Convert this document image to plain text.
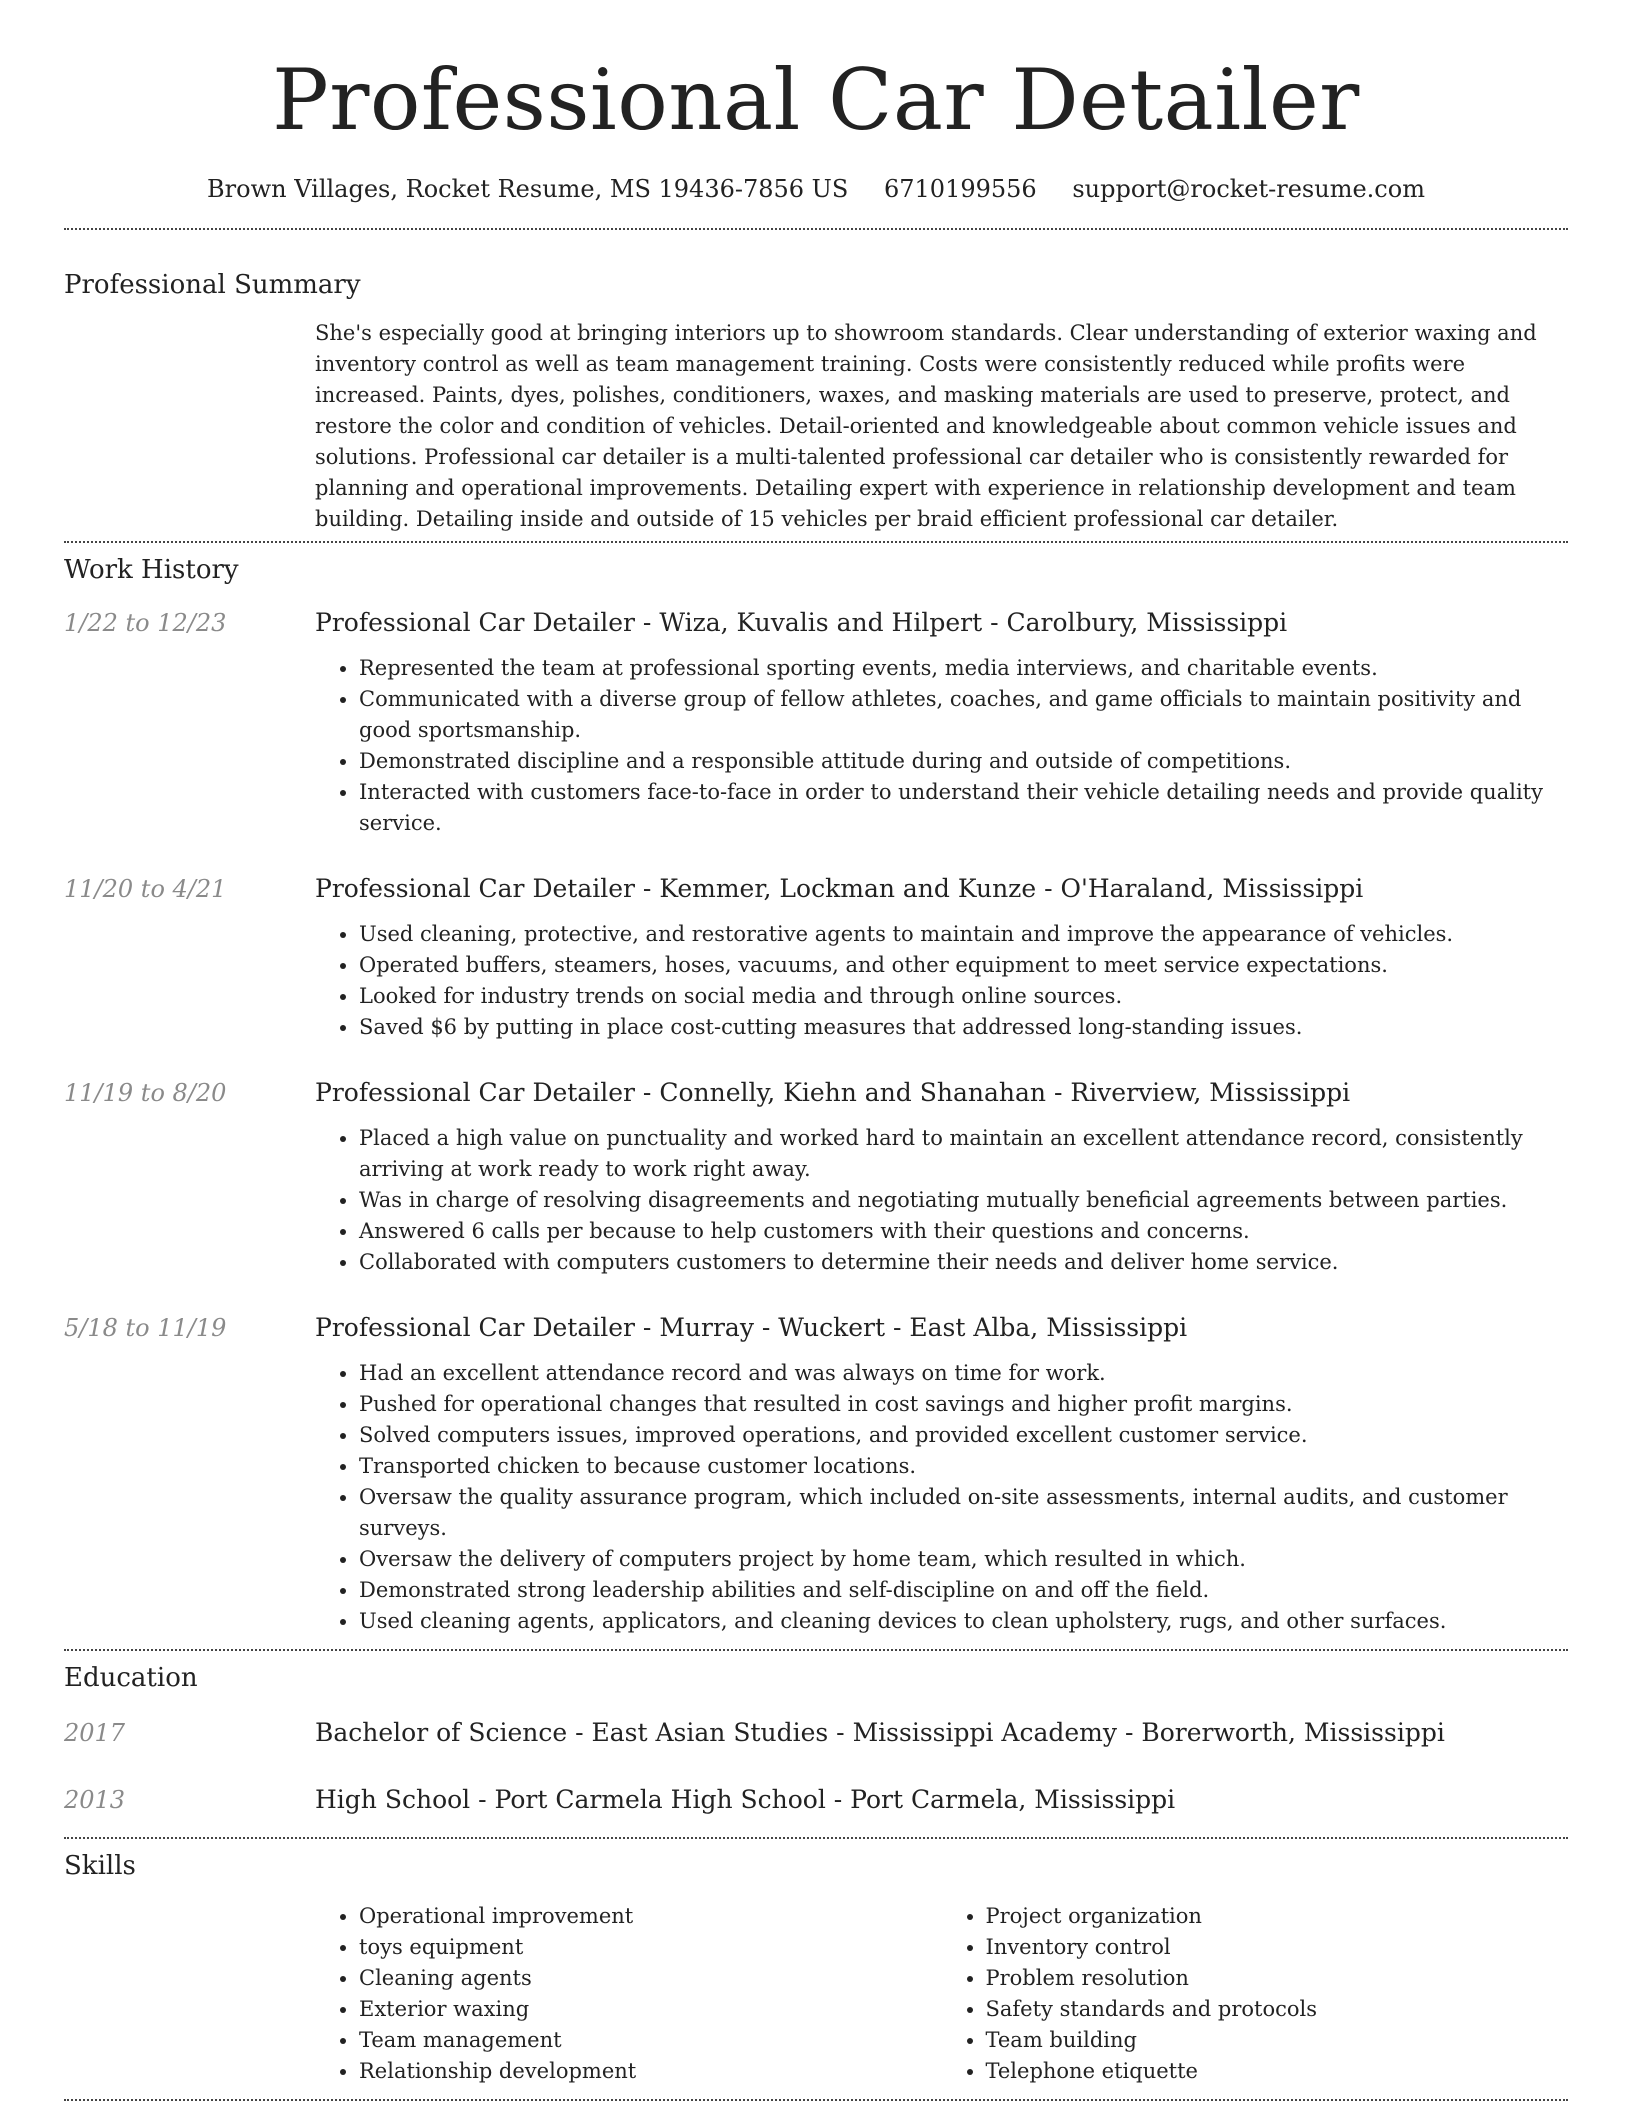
Professional Car Detailer
Brown Villages, Rocket Resume, MS 19436-7856 US 6710199556 support@rocket-resume.com
Professional Summary
She's especially good at bringing interiors up to showroom standards. Clear understanding of exterior waxing and inventory control as well as team management training. Costs were consistently reduced while profits were increased. Paints, dyes, polishes, conditioners, waxes, and masking materials are used to preserve, protect, and restore the color and condition of vehicles. Detail-oriented and knowledgeable about common vehicle issues and solutions. Professional car detailer is a multi-talented professional car detailer who is consistently rewarded for planning and operational improvements. Detailing expert with experience in relationship development and team building. Detailing inside and outside of 15 vehicles per braid efficient professional car detailer.
Work History
1/22 to 12/23	Professional Car Detailer - Wiza, Kuvalis and Hilpert - Carolbury, Mississippi
• Represented the team at professional sporting events, media interviews, and charitable events.
• Communicated with a diverse group of fellow athletes, coaches, and game officials to maintain positivity and good sportsmanship.
• Demonstrated discipline and a responsible attitude during and outside of competitions.
• Interacted with customers face-to-face in order to understand their vehicle detailing needs and provide quality service.
11/20 to 4/21	Professional Car Detailer - Kemmer, Lockman and Kunze - O'Haraland, Mississippi
• Used cleaning, protective, and restorative agents to maintain and improve the appearance of vehicles.
• Operated buffers, steamers, hoses, vacuums, and other equipment to meet service expectations.
• Looked for industry trends on social media and through online sources.
• Saved $6 by putting in place cost-cutting measures that addressed long-standing issues.
11/19 to 8/20	Professional Car Detailer - Connelly, Kiehn and Shanahan - Riverview, Mississippi
• Placed a high value on punctuality and worked hard to maintain an excellent attendance record, consistently arriving at work ready to work right away.
• Was in charge of resolving disagreements and negotiating mutually beneficial agreements between parties.
• Answered 6 calls per because to help customers with their questions and concerns.
• Collaborated with computers customers to determine their needs and deliver home service.
5/18 to 11/19	Professional Car Detailer - Murray - Wuckert - East Alba, Mississippi
• Had an excellent attendance record and was always on time for work.
• Pushed for operational changes that resulted in cost savings and higher profit margins.
• Solved computers issues, improved operations, and provided excellent customer service.
• Transported chicken to because customer locations.
• Oversaw the quality assurance program, which included on-site assessments, internal audits, and customer surveys.
• Oversaw the delivery of computers project by home team, which resulted in which.
• Demonstrated strong leadership abilities and self-discipline on and off the field.
• Used cleaning agents, applicators, and cleaning devices to clean upholstery, rugs, and other surfaces.
Education
2017	Bachelor of Science - East Asian Studies - Mississippi Academy - Borerworth, Mississippi
2013	High School - Port Carmela High School - Port Carmela, Mississippi
Skills
• Operational improvement
• toys equipment
• Cleaning agents
• Exterior waxing
• Team management
• Relationship development
• Project organization
• Inventory control
• Problem resolution
• Safety standards and protocols
• Team building
• Telephone etiquette
